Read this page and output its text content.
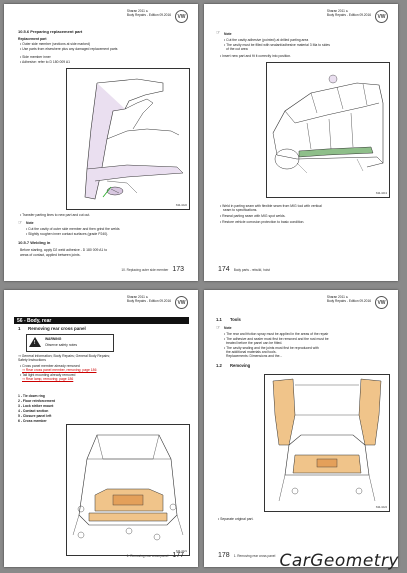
Sharan 2011 ➤
Body Repairs - Edition 09.2016	VW
10.5.6 Preparing replacement part
Replacement part
• Outer side member (sections at side marked)
• Use parts from elsewhere plus any damaged replacement parts
• Side member inner
• Adhesive: refer to D 180 009 A1
S34-1022
• Transfer parting lines to new part and cut out.
☞ Note
• Cut the cavity of outer side member and then grind the welds
• Slightly roughen inner contact surfaces (grade P240).
10.5.7 Welding in
Before starting, apply D2 weld adhesive - D 180 009 A1 to
areas of contact, applied between joints.
10. Replacing outer side member 173
Sharan 2011 ➤
Body Repairs - Edition 09.2016	VW
☞ Note
• Cut the cavity adhesive (pointed) at drilled parting area
• The cavity must be filled with sealant/adhesive material 3 Ma to sides
of the cut area
• Insert new part and fit it correctly into position.
S34-1013
• Weld in parting seam with flexible seam from MIG tool with vertical
seam to specifications.
• Reseal parting seam with MIG spot welds.
• Restore vehicle corrosion protection to basic condition.
174 Body parts - rebuild, hoist
Sharan 2011 ➤
Body Repairs - Edition 09.2016	VW
56 - Body, rear
1 Removing rear cross panel
!
WARNING
Observe safety notes
⇒ General information; Body Repairs; General Body Repairs;
Safety Instructions
• Cross panel member already removed
⇒ Rear cross panel member, removing; page 186
• Tail light mounting already removed
⇒ Rear lamp, removing; page 186
1 - Tie down ring
2 - Floor reinforcement
3 - Lock striker mount
4 - Contact section
5 - Closure panel left
6 - Cross member
S34-1021
1. Removing rear cross panel 177
Sharan 2011 ➤
Body Repairs - Edition 09.2016	VW
1.1 Tools
☞ Note
• The rear and friction spray must be applied in the areas of the repair
• The adhesive and sealer must first be removed and the rust must be
treated before the panel can be fitted.
• The cavity sealing and the joints must first be reproduced with
the additional materials and tools.
Replacements: Dimensions and the...
1.2 Removing
S34-1024
• Separate original part.
178 1. Removing rear cross panel CarGeometry
